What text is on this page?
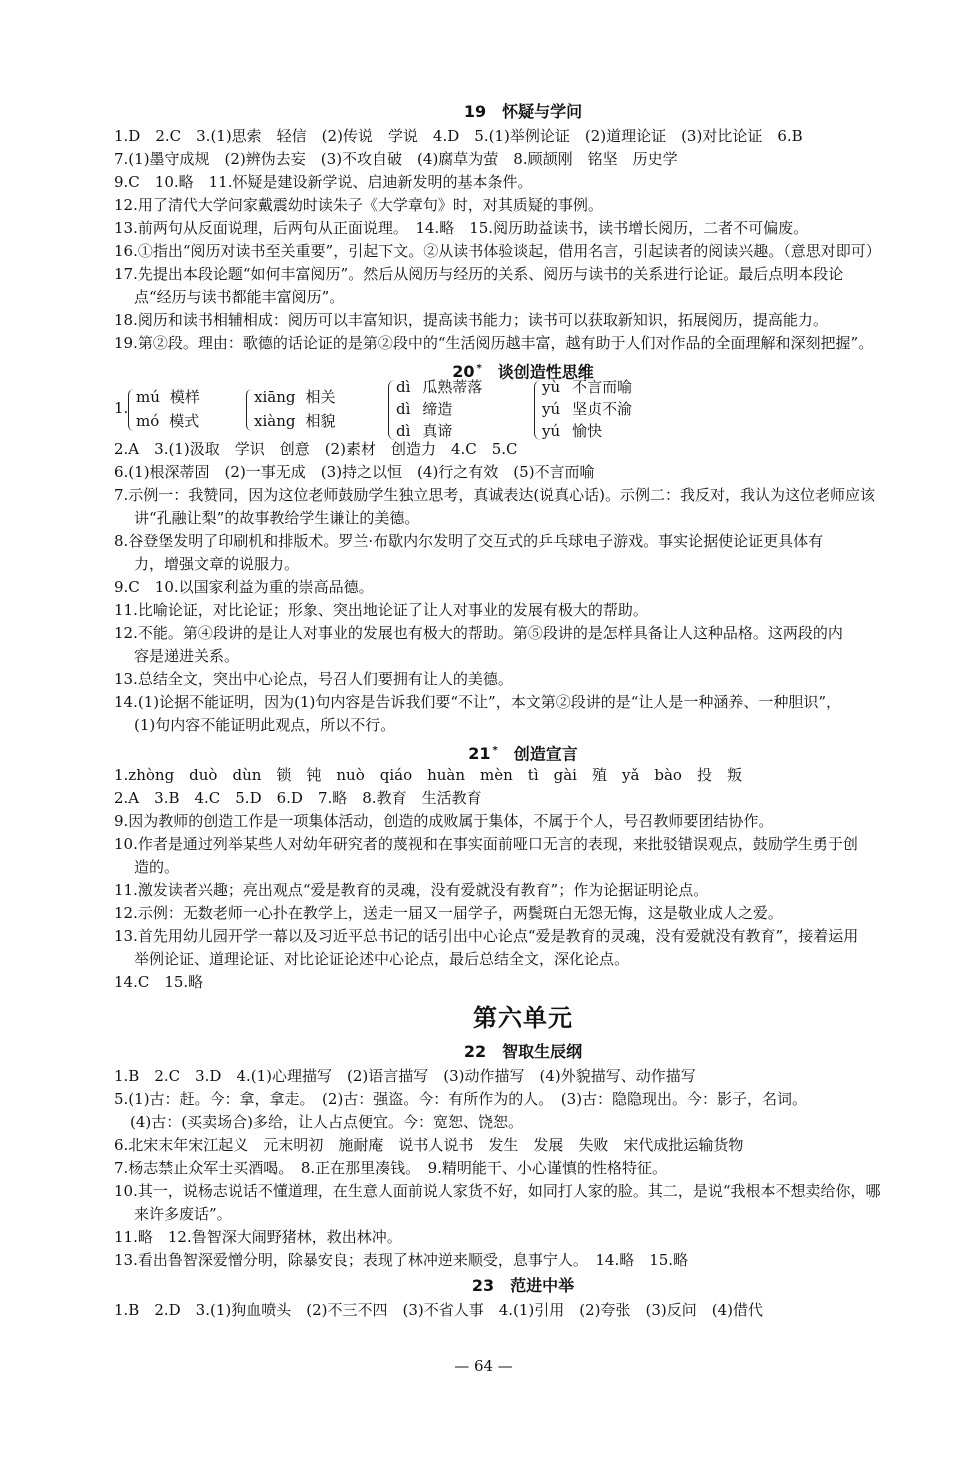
19 怀疑与学问
1.D　2.C　3.(1)思索　轻信　(2)传说　学说　4.D　5.(1)举例论证　(2)道理论证　(3)对比论证　6.B
7.(1)墨守成规　(2)辨伪去妄　(3)不攻自破　(4)腐草为萤　8.顾颉刚　铭坚　历史学
9.C　10.略　11.怀疑是建设新学说、启迪新发明的基本条件。
12.用了清代大学问家戴震幼时读朱子《大学章句》时，对其质疑的事例。
13.前两句从反面说理，后两句从正面说理。　14.略　15.阅历助益读书，读书增长阅历，二者不可偏废。
16.①指出“阅历对读书至关重要”，引起下文。②从读书体验谈起，借用名言，引起读者的阅读兴趣。（意思对即可）
17.先提出本段论题“如何丰富阅历”。然后从阅历与经历的关系、阅历与读书的关系进行论证。最后点明本段论
点“经历与读书都能丰富阅历”。
18.阅历和读书相辅相成：阅历可以丰富知识，提高读书能力；读书可以获取新知识，拓展阅历，提高能力。
19.第②段。理由：歌德的话论证的是第②段中的“生活阅历越丰富，越有助于人们对作品的全面理解和深刻把握”。
20 * 谈创造性思维
1.
mú 模样
mó 模式
xiāng 相关
xiàng 相貌
dì 瓜熟蒂落
dì 缔造
dì 真谛
yù 不言而喻
yú 坚贞不渝
yú 愉快
2.A　3.(1)汲取　学识　创意　(2)素材　创造力　4.C　5.C
6.(1)根深蒂固　(2)一事无成　(3)持之以恒　(4)行之有效　(5)不言而喻
7.示例一：我赞同，因为这位老师鼓励学生独立思考，真诚表达(说真心话)。示例二：我反对，我认为这位老师应该
讲“孔融让梨”的故事教给学生谦让的美德。
8.谷登堡发明了印刷机和排版术。罗兰·布歇内尔发明了交互式的乒乓球电子游戏。事实论据使论证更具体有
力，增强文章的说服力。
9.C　10.以国家利益为重的崇高品德。
11.比喻论证，对比论证；形象、突出地论证了让人对事业的发展有极大的帮助。
12.不能。第④段讲的是让人对事业的发展也有极大的帮助。第⑤段讲的是怎样具备让人这种品格。这两段的内
容是递进关系。
13.总结全文，突出中心论点，号召人们要拥有让人的美德。
14.(1)论据不能证明，因为(1)句内容是告诉我们要“不让”，本文第②段讲的是“让人是一种涵养、一种胆识”，
(1)句内容不能证明此观点，所以不行。
21 * 创造宣言
1.zhòng　duò　dùn　锁　钝　nuò　qiáo　huàn　mèn　tì　gài　殖　yǎ　bào　投　叛
2.A　3.B　4.C　5.D　6.D　7.略　8.教育　生活教育
9.因为教师的创造工作是一项集体活动，创造的成败属于集体，不属于个人，号召教师要团结协作。
10.作者是通过列举某些人对幼年研究者的蔑视和在事实面前哑口无言的表现，来批驳错误观点，鼓励学生勇于创
造的。
11.激发读者兴趣；亮出观点“爱是教育的灵魂，没有爱就没有教育”；作为论据证明论点。
12.示例：无数老师一心扑在教学上，送走一届又一届学子，两鬓斑白无怨无悔，这是敬业成人之爱。
13.首先用幼儿园开学一幕以及习近平总书记的话引出中心论点“爱是教育的灵魂，没有爱就没有教育”，接着运用
举例论证、道理论证、对比论证论述中心论点，最后总结全文，深化论点。
14.C　15.略
第六单元
22 智取生辰纲
1.B　2.C　3.D　4.(1)心理描写　(2)语言描写　(3)动作描写　(4)外貌描写、动作描写
5.(1)古：赶。今：拿，拿走。　(2)古：强盗。今：有所作为的人。　(3)古：隐隐现出。今：影子，名词。
(4)古：(买卖场合)多给，让人占点便宜。今：宽恕、饶恕。
6.北宋末年宋江起义　元末明初　施耐庵　说书人说书　发生　发展　失败　宋代成批运输货物
7.杨志禁止众军士买酒喝。　8.正在那里凑钱。　9.精明能干、小心谨慎的性格特征。
10.其一，说杨志说话不懂道理，在生意人面前说人家货不好，如同打人家的脸。其二，是说“我根本不想卖给你，哪
来许多废话”。
11.略　12.鲁智深大闹野猪林，救出林冲。
13.看出鲁智深爱憎分明，除暴安良；表现了林冲逆来顺受，息事宁人。　14.略　15.略
23 范进中举
1.B　2.D　3.(1)狗血喷头　(2)不三不四　(3)不省人事　4.(1)引用　(2)夸张　(3)反问　(4)借代
— 64 —
